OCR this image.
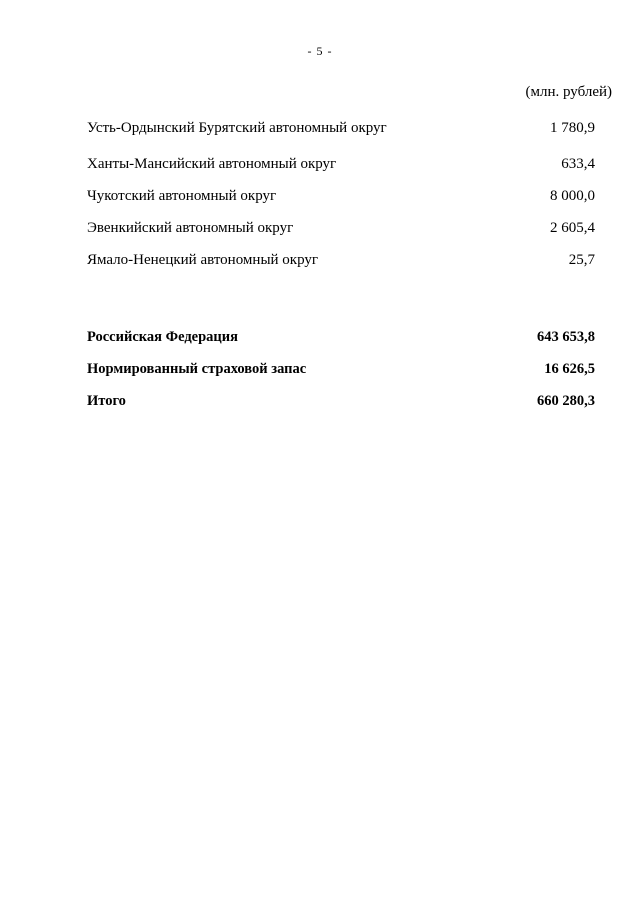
- 5 -
(млн. рублей)
Усть-Ордынский Бурятский автономный округ	1 780,9
Ханты-Мансийский автономный округ	633,4
Чукотский автономный округ	8 000,0
Эвенкийский автономный округ	2 605,4
Ямало-Ненецкий автономный округ	25,7
Российская Федерация	643 653,8
Нормированный страховой запас	16 626,5
Итого	660 280,3
